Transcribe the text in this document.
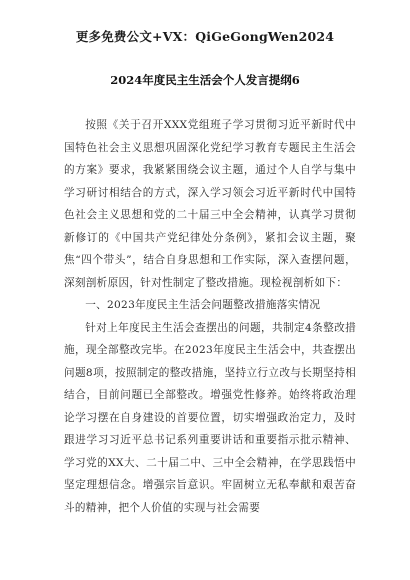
更多免费公文+VX：QiGeGongWen2024
2024年度民主生活会个人发言提纲6

按照《关于召开XXX党组班子学习贯彻习近平新时代中国特色社会主义思想巩固深化党纪学习教育专题民主生活会的方案》要求，我紧紧围绕会议主题，通过个人自学与集中学习研讨相结合的方式，深入学习领会习近平新时代中国特色社会主义思想和党的二十届三中全会精神，认真学习贯彻新修订的《中国共产党纪律处分条例》，紧扣会议主题，聚焦“四个带头”，结合自身思想和工作实际，深入查摆问题，深刻剖析原因，针对性制定了整改措施。现检视剖析如下：

一、2023年度民主生活会问题整改措施落实情况

针对上年度民主生活会查摆出的问题，共制定4条整改措施，现全部整改完毕。在2023年度民主生活会中，共查摆出问题8项，按照制定的整改措施，坚持立行立改与长期坚持相结合，目前问题已全部整改。增强党性修养。始终将政治理论学习摆在自身建设的首要位置，切实增强政治定力，及时跟进学习习近平总书记系列重要讲话和重要指示批示精神、学习党的XX大、二十届二中、三中全会精神，在学思践悟中坚定理想信念。增强宗旨意识。牢固树立无私奉献和艰苦奋斗的精神，把个人价值的实现与社会需要
